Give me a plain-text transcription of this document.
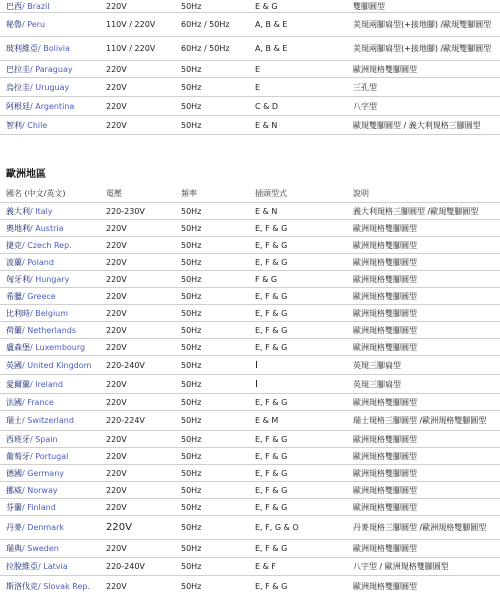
巴西 / Brazil	220V	50Hz	E & G	雙腳圓型
秘魯 / Peru	110V / 220V	60Hz / 50Hz	A, B & E	美規兩腳扁型(+接地腳) /歐規雙腳圓型
玻利維亞 / Bolivia	110V / 220V	60Hz / 50Hz	A, B & E	美規兩腳扁型(+接地腳) /歐規雙腳圓型
巴拉圭 / Paraguay	220V	50Hz	E	歐洲規格雙腳圓型
烏拉圭 / Uruguay	220V	50Hz	E	三孔型
阿根廷 / Argentina	220V	50Hz	C & D	八字型
智利 / Chile	220V	50Hz	E & N	歐規雙腳圓型 / 義大利規格三腳圓型
歐洲地區
國名 (中文/英文)	電壓	頻率	插頭型式	說明
義大利 / Italy	220-230V	50Hz	E & N	義大利規格三腳圓型 /歐規雙腳圓型
奧地利 / Austria	220V	50Hz	E, F & G	歐洲規格雙腳圓型
捷克 / Czech Rep.	220V	50Hz	E, F & G	歐洲規格雙腳圓型
波蘭 / Poland	220V	50Hz	E, F & G	歐洲規格雙腳圓型
匈牙利 / Hungary	220V	50Hz	F & G	歐洲規格雙腳圓型
希臘 / Greece	220V	50Hz	E, F & G	歐洲規格雙腳圓型
比利時 / Belgium	220V	50Hz	E, F & G	歐洲規格雙腳圓型
荷蘭 / Netherlands	220V	50Hz	E, F & G	歐洲規格雙腳圓型
盧森堡 / Luxembourg	220V	50Hz	E, F & G	歐洲規格雙腳圓型
英國 / United Kingdom 220-240V	50Hz	I	英規三腳扁型
愛爾蘭 / Ireland	220V	50Hz	I	英規三腳扁型
法國 / France	220V	50Hz	E, F & G	歐洲規格雙腳圓型
瑞士 / Switzerland	220-224V	50Hz	E & M	瑞士規格三腳圓型 /歐洲規格雙腳圓型
西班牙 / Spain	220V	50Hz	E, F & G	歐洲規格雙腳圓型
葡萄牙 / Portugal	220V	50Hz	E, F & G	歐洲規格雙腳圓型
德國 / Germany	220V	50Hz	E, F & G	歐洲規格雙腳圓型
挪威 / Norway	220V	50Hz	E, F & G	歐洲規格雙腳圓型
芬蘭 / Finland	220V	50Hz	E, F & G	歐洲規格雙腳圓型
丹麥 / Denmark	220V	50Hz	E, F, G & O	丹麥規格三腳圓型 /歐洲規格雙腳圓型
瑞典 / Sweden	220V	50Hz	E, F & G	歐洲規格雙腳圓型
拉脫維亞 / Latvia	220-240V	50Hz	E & F	八字型 / 歐洲規格雙腳圓型
斯洛伐克 / Slovak Rep. 220V	50Hz	E, F & G	歐洲規格雙腳圓型
